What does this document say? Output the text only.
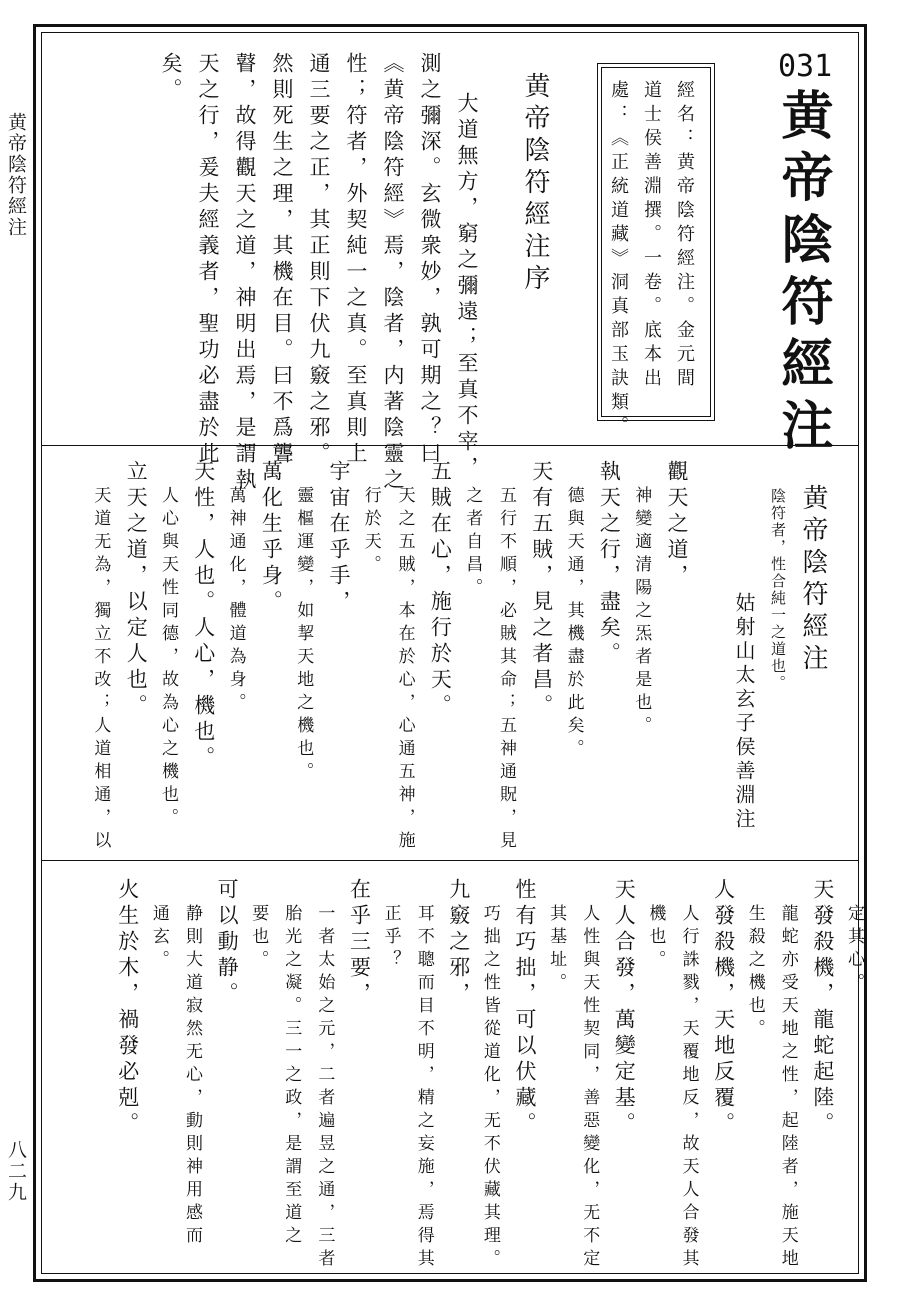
黄帝陰符經注
八二九
031
黄帝陰符經注
經名：黄帝陰符經注。金元間
道士侯善淵撰。一卷。底本出
處：《正統道藏》洞真部玉訣類。
黄帝陰符經注序
大道無方，窮之彌遠；至真不宰，
測之彌深。玄微衆妙，孰可期之？曰
《黄帝陰符經》焉，陰者，内著陰靈之
性；符者，外契純一之真。至真則上
通三要之正，其正則下伏九竅之邪。
然則死生之理，其機在目。曰不爲聾
瞽，故得觀天之道，神明出焉，是謂執
天之行，爰夫經義者，聖功必盡於此
矣。
黄帝陰符經注
陰符者，性合純一之道也。
姑射山太玄子侯善淵注
觀天之道，
神變適清陽之炁者是也。
執天之行，盡矣。
德與天通，其機盡於此矣。
天有五賊，見之者昌。
五行不順，必賊其命；五神通貺，見
之者自昌。
五賊在心，施行於天。
天之五賊，本在於心，心通五神，施
行於天。
宇宙在乎手，
靈樞運變，如挈天地之機也。
萬化生乎身。
萬神通化，體道為身。
天性，人也。人心，機也。
人心與天性同德，故為心之機也。
立天之道，以定人也。
天道无為，獨立不改；人道相通，以
定其心。
天發殺機，龍蛇起陸。
龍蛇亦受天地之性，起陸者，施天地
生殺之機也。
人發殺機，天地反覆。
人行誅戮，天覆地反，故天人合發其
機也。
天人合發，萬變定基。
人性與天性契同，善惡變化，无不定
其基址。
性有巧拙，可以伏藏。
巧拙之性皆從道化，无不伏藏其理。
九竅之邪，
耳不聰而目不明，精之妄施，焉得其
正乎？
在乎三要，
一者太始之元，二者遍昱之通，三者
胎光之凝。三一之政，是謂至道之
要也。
可以動静。
静則大道寂然无心，動則神用感而
通玄。
火生於木，禍發必剋。
